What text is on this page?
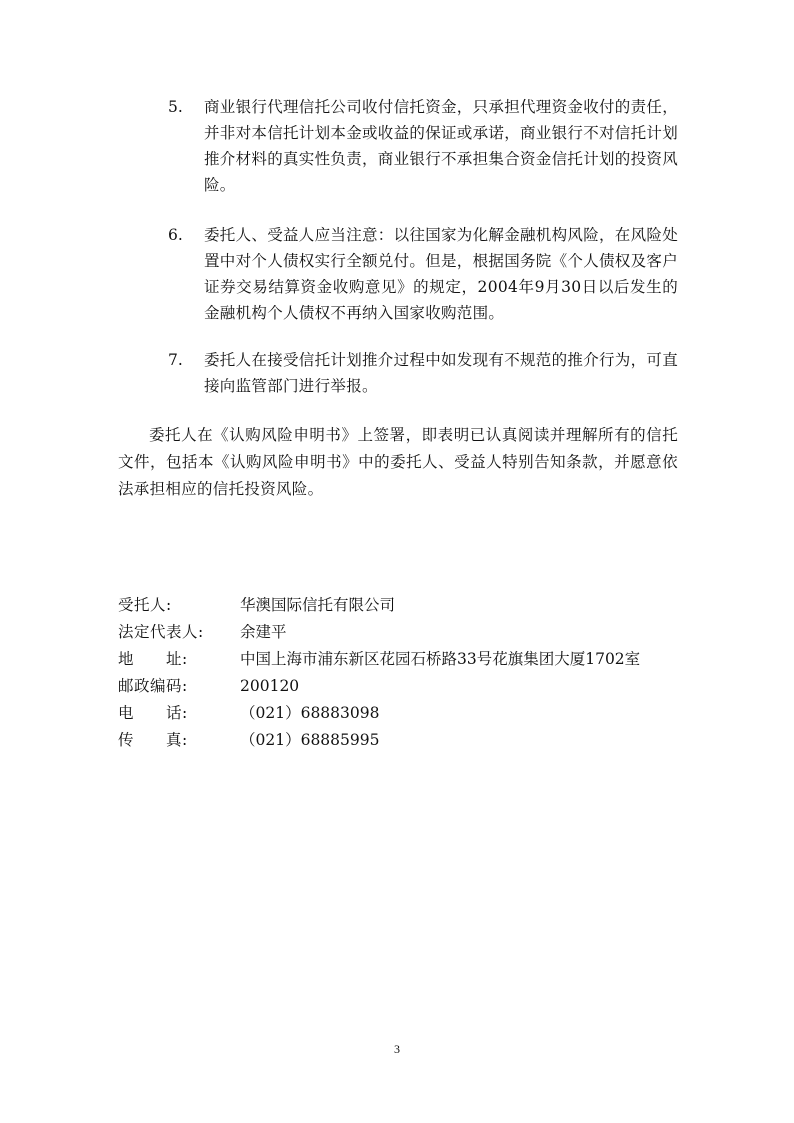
5. 商业银行代理信托公司收付信托资金，只承担代理资金收付的责任，并非对本信托计划本金或收益的保证或承诺，商业银行不对信托计划推介材料的真实性负责，商业银行不承担集合资金信托计划的投资风险。
6. 委托人、受益人应当注意：以往国家为化解金融机构风险，在风险处置中对个人债权实行全额兑付。但是，根据国务院《个人债权及客户证券交易结算资金收购意见》的规定，2004年9月30日以后发生的金融机构个人债权不再纳入国家收购范围。
7. 委托人在接受信托计划推介过程中如发现有不规范的推介行为，可直接向监管部门进行举报。
委托人在《认购风险申明书》上签署，即表明已认真阅读并理解所有的信托文件，包括本《认购风险申明书》中的委托人、受益人特别告知条款，并愿意依法承担相应的信托投资风险。
受托人:	华澳国际信托有限公司
法定代表人:	余建平
地　　址:	中国上海市浦东新区花园石桥路33号花旗集团大厦1702室
邮政编码:	200120
电　　话:	（021）68883098
传　　真:	（021）68885995
3
